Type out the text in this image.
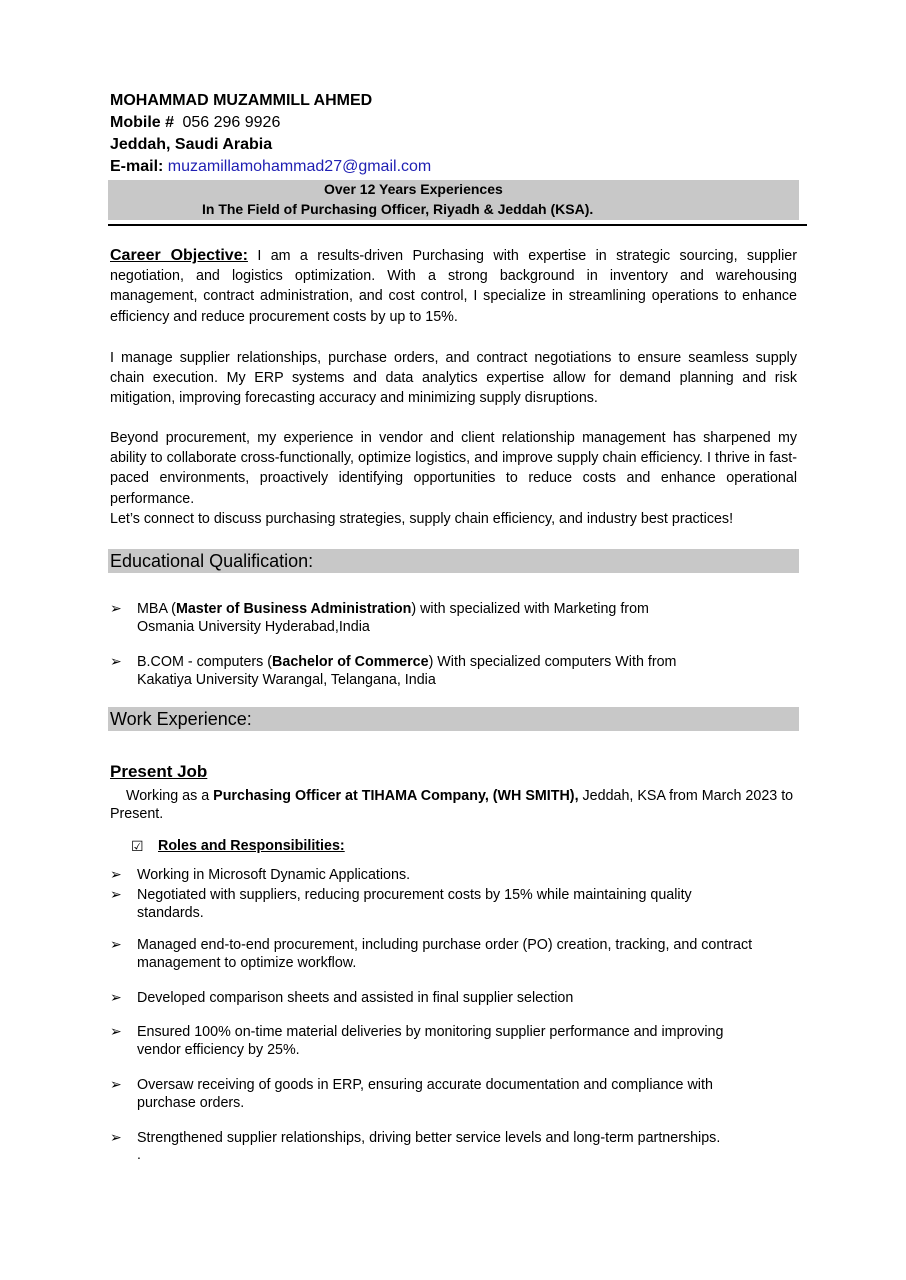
MOHAMMAD MUZAMMILL AHMED
Mobile # 056 296 9926
Jeddah, Saudi Arabia
E-mail: muzamillamohammad27@gmail.com
Over 12 Years Experiences
In The Field of Purchasing Officer, Riyadh & Jeddah (KSA).
Career Objective: I am a results-driven Purchasing with expertise in strategic sourcing, supplier negotiation, and logistics optimization. With a strong background in inventory and warehousing management, contract administration, and cost control, I specialize in streamlining operations to enhance efficiency and reduce procurement costs by up to 15%.
I manage supplier relationships, purchase orders, and contract negotiations to ensure seamless supply chain execution. My ERP systems and data analytics expertise allow for demand planning and risk mitigation, improving forecasting accuracy and minimizing supply disruptions.
Beyond procurement, my experience in vendor and client relationship management has sharpened my ability to collaborate cross-functionally, optimize logistics, and improve supply chain efficiency. I thrive in fast-paced environments, proactively identifying opportunities to reduce costs and enhance operational performance.
Let’s connect to discuss purchasing strategies, supply chain efficiency, and industry best practices!
Educational Qualification:
➢ MBA (Master of Business Administration) with specialized with Marketing from
Osmania University Hyderabad,India
➢ B.COM - computers (Bachelor of Commerce) With specialized computers With from
Kakatiya University Warangal, Telangana, India
Work Experience:
Present Job
Working as a Purchasing Officer at TIHAMA Company, (WH SMITH), Jeddah, KSA from March 2023 to Present.
☑ Roles and Responsibilities:
➢ Working in Microsoft Dynamic Applications.
➢ Negotiated with suppliers, reducing procurement costs by 15% while maintaining quality standards.
➢ Managed end-to-end procurement, including purchase order (PO) creation, tracking, and contract management to optimize workflow.
➢ Developed comparison sheets and assisted in final supplier selection
➢ Ensured 100% on-time material deliveries by monitoring supplier performance and improving vendor efficiency by 25%.
➢ Oversaw receiving of goods in ERP, ensuring accurate documentation and compliance with purchase orders.
➢ Strengthened supplier relationships, driving better service levels and long-term partnerships.
.
